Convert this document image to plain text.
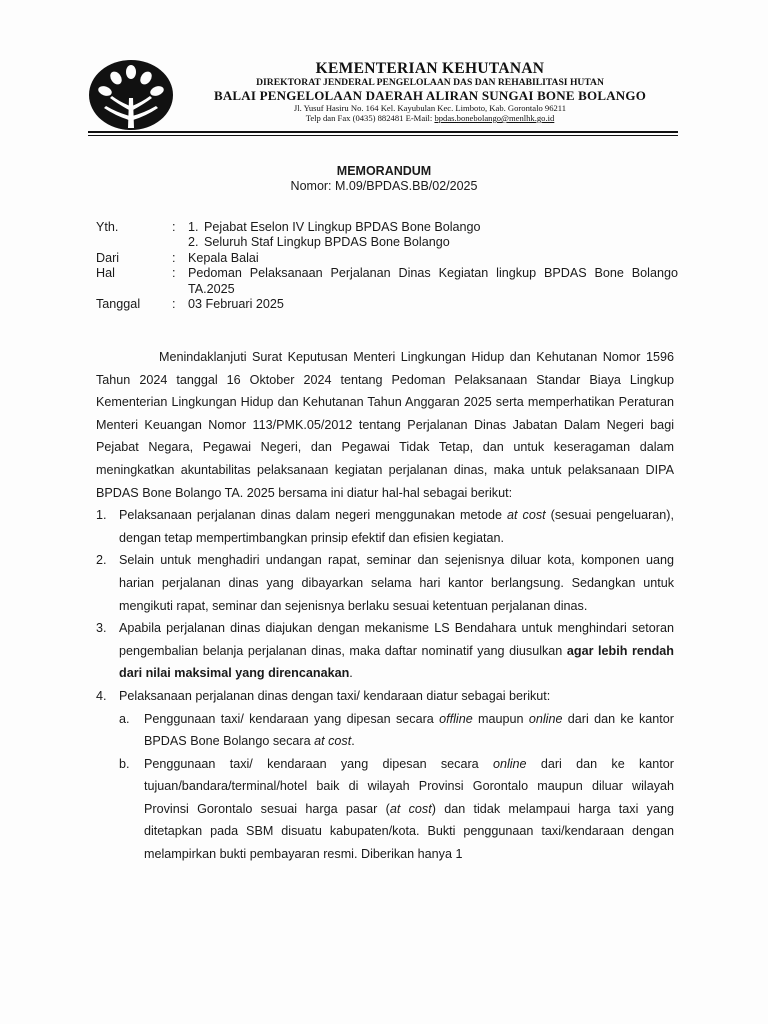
KEMENTERIAN KEHUTANAN
DIREKTORAT JENDERAL PENGELOLAAN DAS DAN REHABILITASI HUTAN
BALAI PENGELOLAAN DAERAH ALIRAN SUNGAI BONE BOLANGO
Jl. Yusuf Hasiru No. 164 Kel. Kayubulan Kec. Limboto, Kab. Gorontalo 96211
Telp dan Fax (0435) 882481 E-Mail: bpdas.bonebolango@menlhk.go.id
MEMORANDUM
Nomor: M.09/BPDAS.BB/02/2025
Yth.	: 1. Pejabat Eselon IV Lingkup BPDAS Bone Bolango
2. Seluruh Staf Lingkup BPDAS Bone Bolango
Dari	: Kepala Balai
Hal	: Pedoman Pelaksanaan Perjalanan Dinas Kegiatan lingkup BPDAS Bone Bolango TA.2025
Tanggal	: 03 Februari 2025

Menindaklanjuti Surat Keputusan Menteri Lingkungan Hidup dan Kehutanan Nomor 1596 Tahun 2024 tanggal 16 Oktober 2024 tentang Pedoman Pelaksanaan Standar Biaya Lingkup Kementerian Lingkungan Hidup dan Kehutanan Tahun Anggaran 2025 serta memperhatikan Peraturan Menteri Keuangan Nomor 113/PMK.05/2012 tentang Perjalanan Dinas Jabatan Dalam Negeri bagi Pejabat Negara, Pegawai Negeri, dan Pegawai Tidak Tetap, dan untuk keseragaman dalam meningkatkan akuntabilitas pelaksanaan kegiatan perjalanan dinas, maka untuk pelaksanaan DIPA BPDAS Bone Bolango TA. 2025 bersama ini diatur hal-hal sebagai berikut:

1. Pelaksanaan perjalanan dinas dalam negeri menggunakan metode at cost (sesuai pengeluaran), dengan tetap mempertimbangkan prinsip efektif dan efisien kegiatan.
2. Selain untuk menghadiri undangan rapat, seminar dan sejenisnya diluar kota, komponen uang harian perjalanan dinas yang dibayarkan selama hari kantor berlangsung. Sedangkan untuk mengikuti rapat, seminar dan sejenisnya berlaku sesuai ketentuan perjalanan dinas.
3. Apabila perjalanan dinas diajukan dengan mekanisme LS Bendahara untuk menghindari setoran pengembalian belanja perjalanan dinas, maka daftar nominatif yang diusulkan agar lebih rendah dari nilai maksimal yang direncanakan.
4. Pelaksanaan perjalanan dinas dengan taxi/ kendaraan diatur sebagai berikut:
a.	Penggunaan taxi/ kendaraan yang dipesan secara offline maupun online dari dan ke kantor BPDAS Bone Bolango secara at cost.
b.	Penggunaan taxi/ kendaraan yang dipesan secara online dari dan ke kantor tujuan/bandara/terminal/hotel baik di wilayah Provinsi Gorontalo maupun diluar wilayah Provinsi Gorontalo sesuai harga pasar (at cost) dan tidak melampaui harga taxi yang ditetapkan pada SBM disuatu kabupaten/kota. Bukti penggunaan taxi/kendaraan dengan melampirkan bukti pembayaran resmi. Diberikan hanya 1
